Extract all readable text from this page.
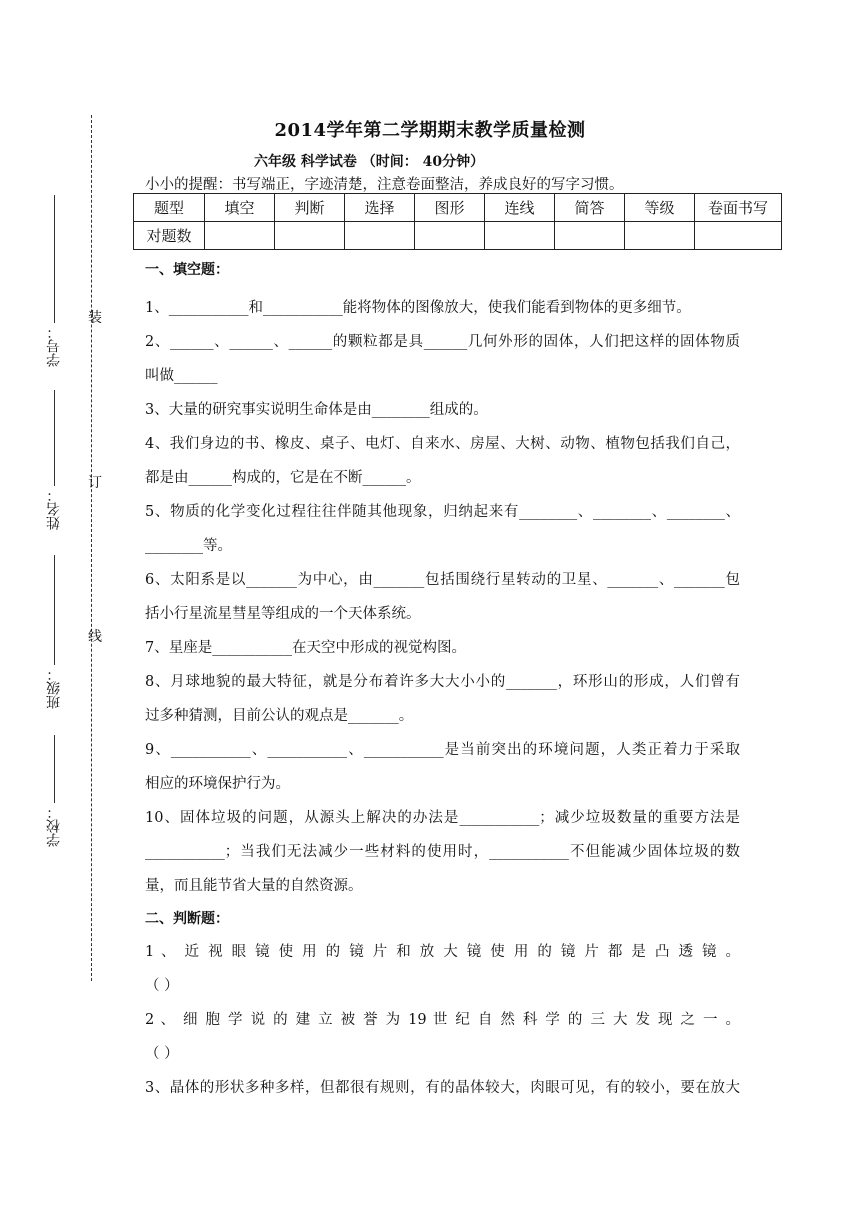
装
订
线
学号：
姓名：
班级：
学校：
2014学年第二学期期末教学质量检测
六年级 科学试卷 （时间： 40分钟）
小小的提醒：书写端正，字迹清楚，注意卷面整洁，养成良好的写字习惯。
题型	填空	判断	选择	图形	连线	简答	等级	卷面书写
对题数								
一、填空题：
1、___________和___________能将物体的图像放大，使我们能看到物体的更多细节。
2、______、______、______的颗粒都是具______几何外形的固体，人们把这样的固体物质
叫做______
3、大量的研究事实说明生命体是由________组成的。
4、我们身边的书、橡皮、桌子、电灯、自来水、房屋、大树、动物、植物包括我们自己，
都是由______构成的，它是在不断______。
5、物质的化学变化过程往往伴随其他现象，归纳起来有________、________、________、
________等。
6、太阳系是以_______为中心，由_______包括围绕行星转动的卫星、_______、_______包
括小行星流星彗星等组成的一个天体系统。
7、星座是___________在天空中形成的视觉构图。
8、月球地貌的最大特征，就是分布着许多大大小小的_______，环形山的形成，人们曾有
过多种猜测，目前公认的观点是_______。
9、___________、___________、___________是当前突出的环境问题，人类正着力于采取
相应的环境保护行为。
10、固体垃圾的问题，从源头上解决的办法是___________；减少垃圾数量的重要方法是
___________；当我们无法减少一些材料的使用时，___________不但能减少固体垃圾的数
量，而且能节省大量的自然资源。
二、判断题：
1 、 近 视 眼 镜 使 用 的 镜 片 和 放 大 镜 使 用 的 镜 片 都 是 凸 透 镜 。
（ ）
2 、 细 胞 学 说 的 建 立 被 誉 为 19 世 纪 自 然 科 学 的 三 大 发 现 之 一 。
（ ）
3、晶体的形状多种多样，但都很有规则，有的晶体较大，肉眼可见，有的较小，要在放大
